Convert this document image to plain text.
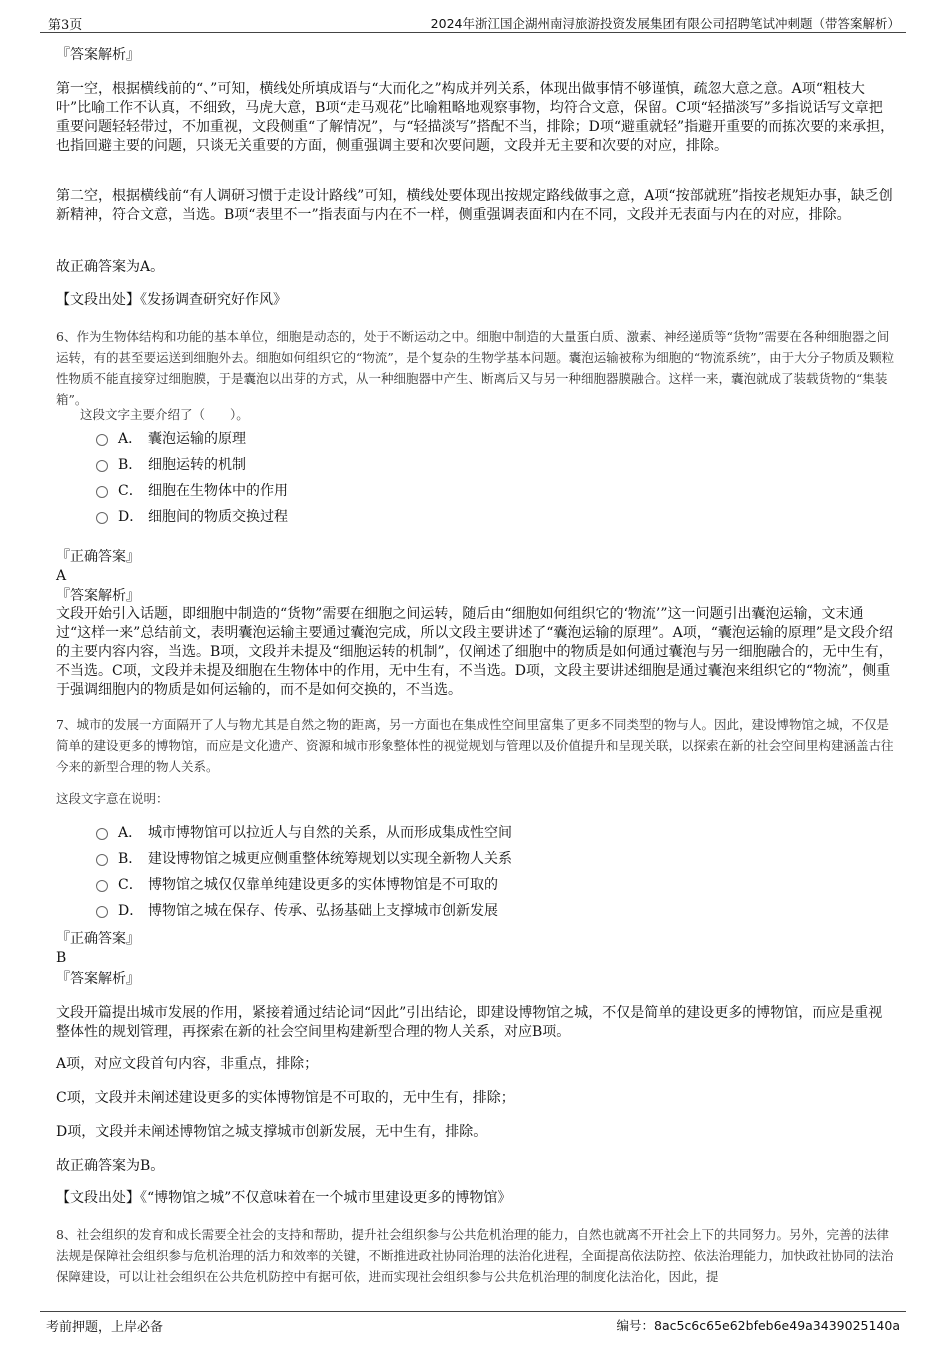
第3页	2024年浙江国企湖州南浔旅游投资发展集团有限公司招聘笔试冲刺题（带答案解析）
『答案解析』

第一空，根据横线前的“、”可知，横线处所填成语与“大而化之”构成并列关系，体现出做事情不够谨慎，疏忽大意之意。A项“粗枝大叶”比喻工作不认真，不细致，马虎大意，B项“走马观花”比喻粗略地观察事物，均符合文意，保留。C项“轻描淡写”多指说话写文章把重要问题轻轻带过，不加重视，文段侧重“了解情况”，与“轻描淡写”搭配不当，排除；D项“避重就轻”指避开重要的而拣次要的来承担，也指回避主要的问题，只谈无关重要的方面，侧重强调主要和次要问题，文段并无主要和次要的对应，排除。

第二空，根据横线前“有人调研习惯于走设计路线”可知，横线处要体现出按规定路线做事之意，A项“按部就班”指按老规矩办事，缺乏创新精神，符合文意，当选。B项“表里不一”指表面与内在不一样，侧重强调表面和内在不同，文段并无表面与内在的对应，排除。

故正确答案为A。
【文段出处】《发扬调查研究好作风》
6、作为生物体结构和功能的基本单位，细胞是动态的，处于不断运动之中。细胞中制造的大量蛋白质、激素、神经递质等“货物”需要在各种细胞器之间运转，有的甚至要运送到细胞外去。细胞如何组织它的“物流”，是个复杂的生物学基本问题。囊泡运输被称为细胞的“物流系统”，由于大分子物质及颗粒性物质不能直接穿过细胞膜，于是囊泡以出芽的方式，从一种细胞器中产生、断离后又与另一种细胞器膜融合。这样一来，囊泡就成了装载货物的“集装箱”。
这段文字主要介绍了（　　）。
A． 囊泡运输的原理
B． 细胞运转的机制
C． 细胞在生物体中的作用
D． 细胞间的物质交换过程
『正确答案』
A
『答案解析』

文段开始引入话题，即细胞中制造的“货物”需要在细胞之间运转，随后由“细胞如何组织它的‘物流’”这一问题引出囊泡运输，文末通过“这样一来”总结前文，表明囊泡运输主要通过囊泡完成，所以文段主要讲述了“囊泡运输的原理”。A项，“囊泡运输的原理”是文段介绍的主要内容内容，当选。B项，文段并未提及“细胞运转的机制”，仅阐述了细胞中的物质是如何通过囊泡与另一细胞融合的，无中生有，不当选。C项，文段并未提及细胞在生物体中的作用，无中生有，不当选。D项，文段主要讲述细胞是通过囊泡来组织它的“物流”，侧重于强调细胞内的物质是如何运输的，而不是如何交换的，不当选。

7、城市的发展一方面隔开了人与物尤其是自然之物的距离，另一方面也在集成性空间里富集了更多不同类型的物与人。因此，建设博物馆之城，不仅是简单的建设更多的博物馆，而应是文化遗产、资源和城市形象整体性的视觉规划与管理以及价值提升和呈现关联，以探索在新的社会空间里构建涵盖古往今来的新型合理的物人关系。
这段文字意在说明：
A． 城市博物馆可以拉近人与自然的关系，从而形成集成性空间
B． 建设博物馆之城更应侧重整体统筹规划以实现全新物人关系
C． 博物馆之城仅仅靠单纯建设更多的实体博物馆是不可取的
D． 博物馆之城在保存、传承、弘扬基础上支撑城市创新发展
『正确答案』
B
『答案解析』

文段开篇提出城市发展的作用，紧接着通过结论词“因此”引出结论，即建设博物馆之城，不仅是简单的建设更多的博物馆，而应是重视整体性的规划管理，再探索在新的社会空间里构建新型合理的物人关系，对应B项。

A项，对应文段首句内容，非重点，排除；
C项，文段并未阐述建设更多的实体博物馆是不可取的，无中生有，排除；
D项，文段并未阐述博物馆之城支撑城市创新发展，无中生有，排除。
故正确答案为B。
【文段出处】《“博物馆之城”不仅意味着在一个城市里建设更多的博物馆》
8、社会组织的发育和成长需要全社会的支持和帮助，提升社会组织参与公共危机治理的能力，自然也就离不开社会上下的共同努力。另外，完善的法律法规是保障社会组织参与危机治理的活力和效率的关键，不断推进政社协同治理的法治化进程，全面提高依法防控、依法治理能力，加快政社协同的法治保障建设，可以让社会组织在公共危机防控中有据可依，进而实现社会组织参与公共危机治理的制度化法治化，因此，提
考前押题，上岸必备	编号：8ac5c6c65e62bfeb6e49a3439025140a
